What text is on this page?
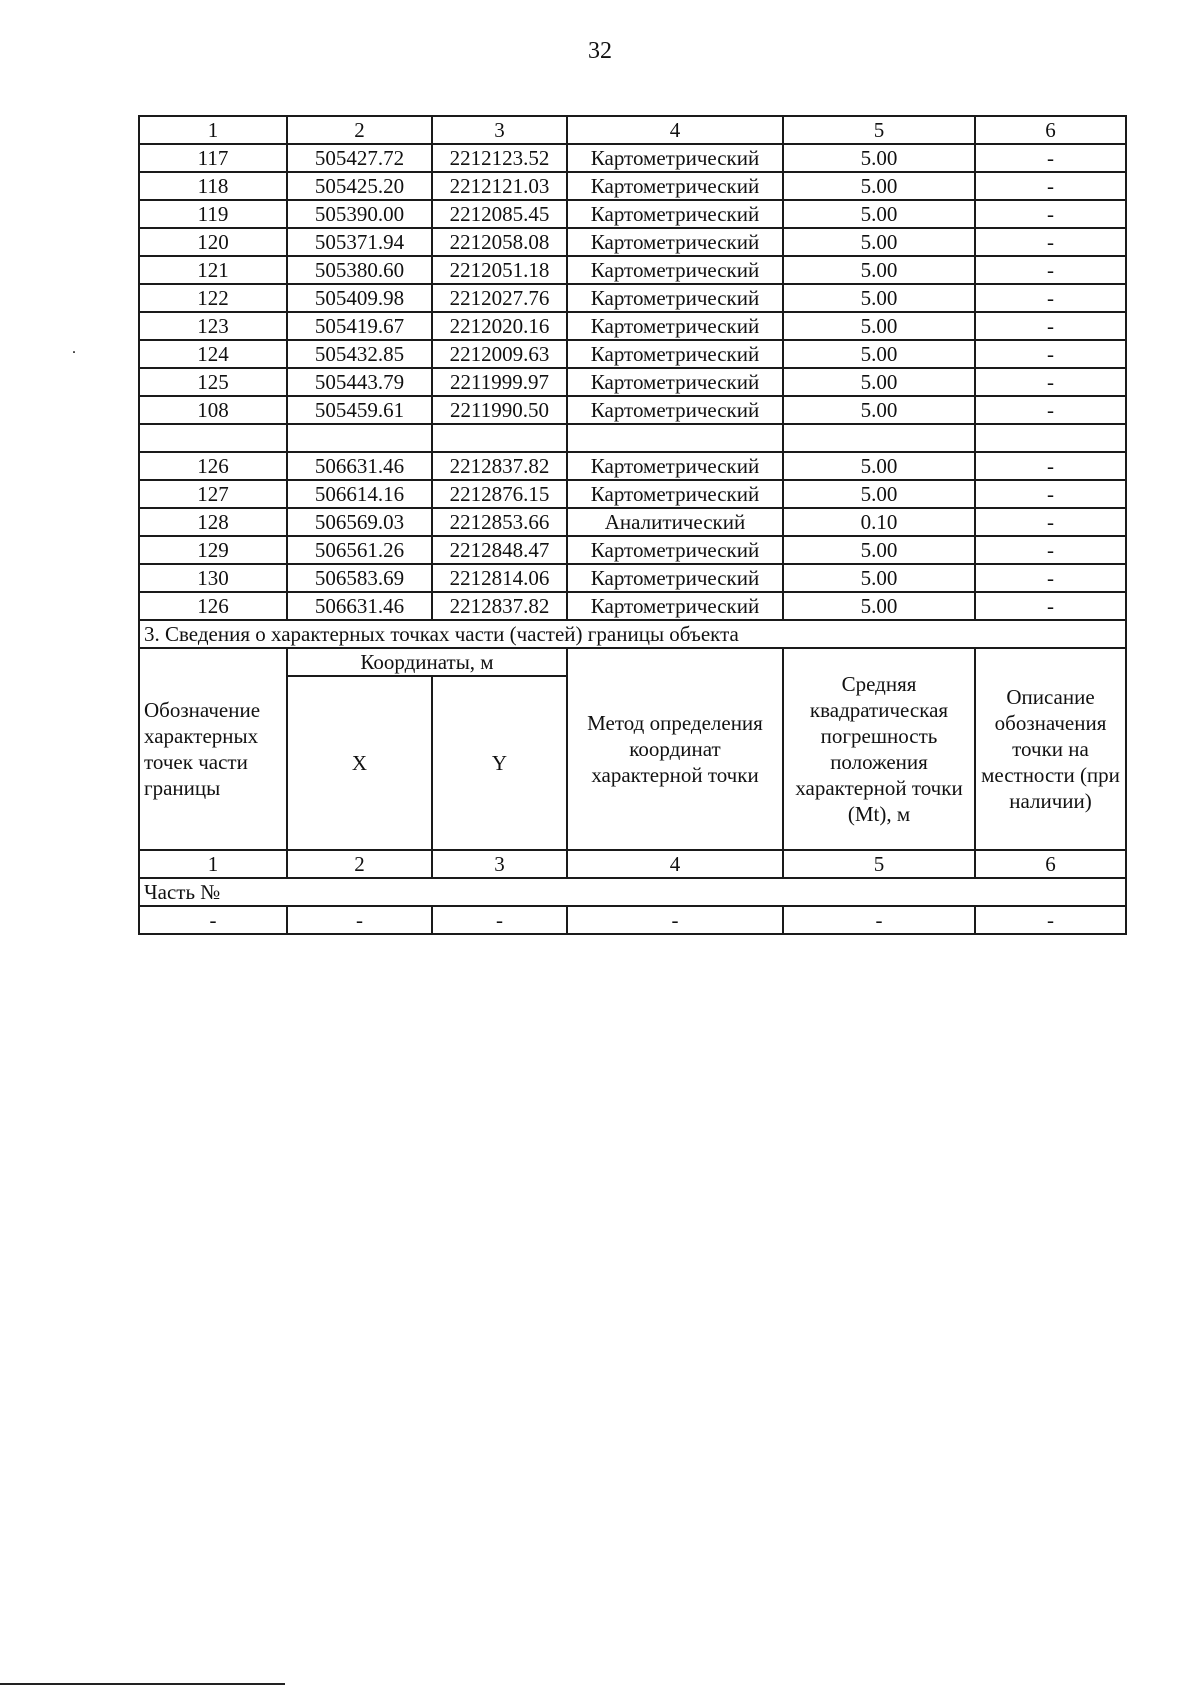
32
.
1	2	3	4	5	6
117	505427.72	2212123.52	Картометрический	5.00	-
118	505425.20	2212121.03	Картометрический	5.00	-
119	505390.00	2212085.45	Картометрический	5.00	-
120	505371.94	2212058.08	Картометрический	5.00	-
121	505380.60	2212051.18	Картометрический	5.00	-
122	505409.98	2212027.76	Картометрический	5.00	-
123	505419.67	2212020.16	Картометрический	5.00	-
124	505432.85	2212009.63	Картометрический	5.00	-
125	505443.79	2211999.97	Картометрический	5.00	-
108	505459.61	2211990.50	Картометрический	5.00	-

126	506631.46	2212837.82	Картометрический	5.00	-
127	506614.16	2212876.15	Картометрический	5.00	-
128	506569.03	2212853.66	Аналитический	0.10	-
129	506561.26	2212848.47	Картометрический	5.00	-
130	506583.69	2212814.06	Картометрический	5.00	-
126	506631.46	2212837.82	Картометрический	5.00	-
3. Сведения о характерных точках части (частей) границы объекта					
Обозначение характерных точек части границы	Координаты, м		Метод определения координат характерной точки	Средняя квадратическая погрешность положения характерной точки (Mt), м	Описание обозначения точки на местности (при наличии)
	X	Y			
1	2	3	4	5	6
Часть №					
-	-	-	-	-	-
